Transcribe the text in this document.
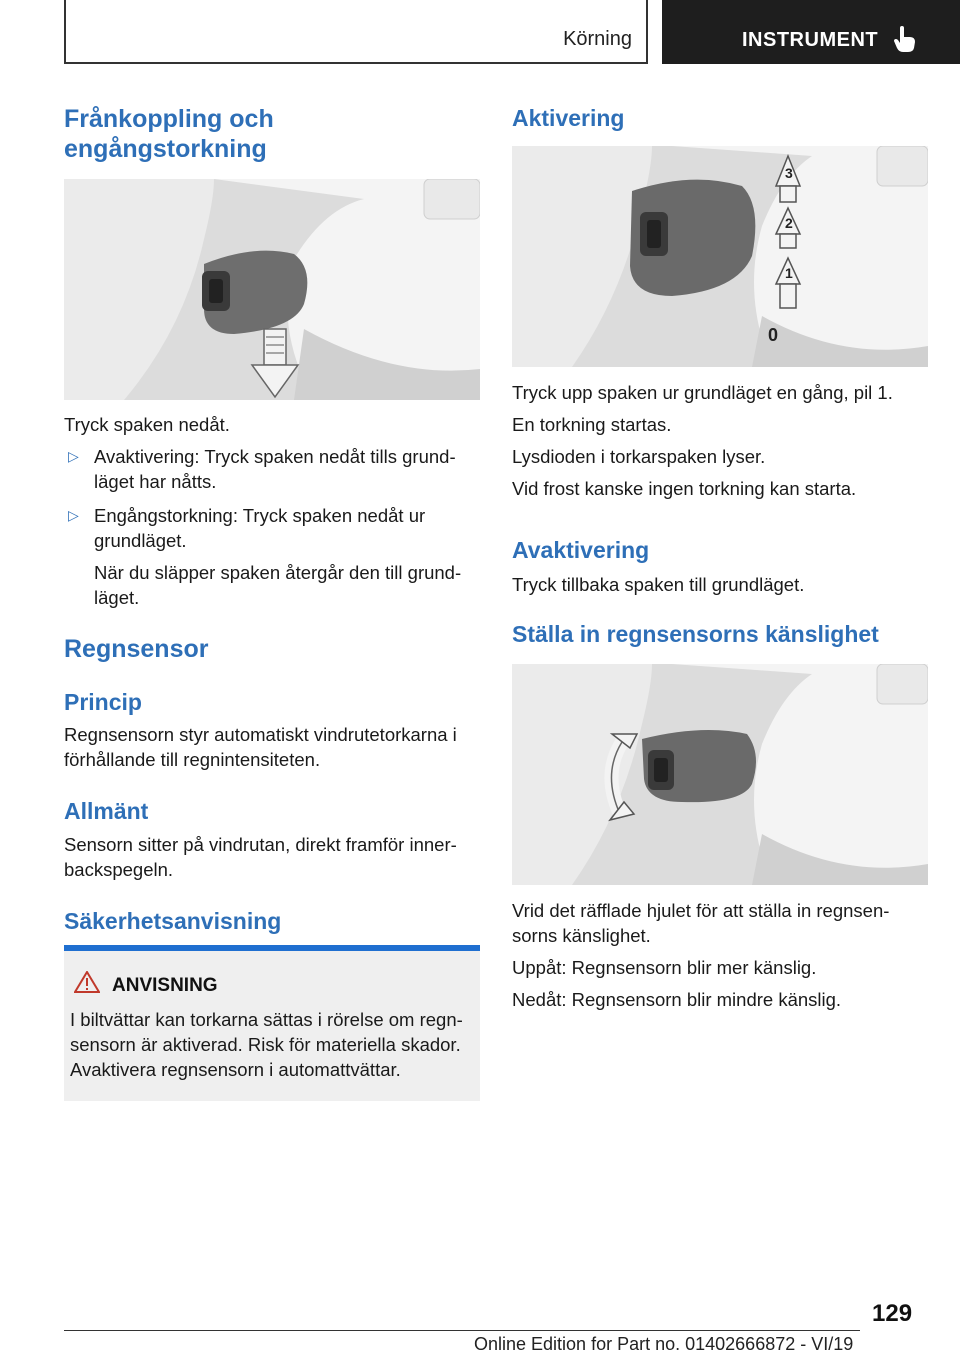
Körning	INSTRUMENT
Frånkoppling och
engångstorkning

Tryck spaken nedåt.

▷ Avaktivering: Tryck spaken nedåt tills grund-
läget har nåtts.

▷ Engångstorkning: Tryck spaken nedåt ur
grundläget.

När du släpper spaken återgår den till grund-
läget.

Regnsensor
Princip

Regnsensorn styr automatiskt vindrutetorkarna i
förhållande till regnintensiteten.

Allmänt

Sensorn sitter på vindrutan, direkt framför inner-
backspegeln.

Säkerhetsanvisning
ANVISNING

I biltvättar kan torkarna sättas i rörelse om regn-
sensorn är aktiverad. Risk för materiella skador.
Avaktivera regnsensorn i automattvättar.

Aktivering
3
2
1
0

Tryck upp spaken ur grundläget en gång, pil 1.

En torkning startas.

Lysdioden i torkarspaken lyser.

Vid frost kanske ingen torkning kan starta.

Avaktivering

Tryck tillbaka spaken till grundläget.

Ställa in regnsensorns känslighet

Vrid det räfflade hjulet för att ställa in regnsen-
sorns känslighet.

Uppåt: Regnsensorn blir mer känslig.

Nedåt: Regnsensorn blir mindre känslig.

129
Online Edition for Part no. 01402666872 - VI/19
